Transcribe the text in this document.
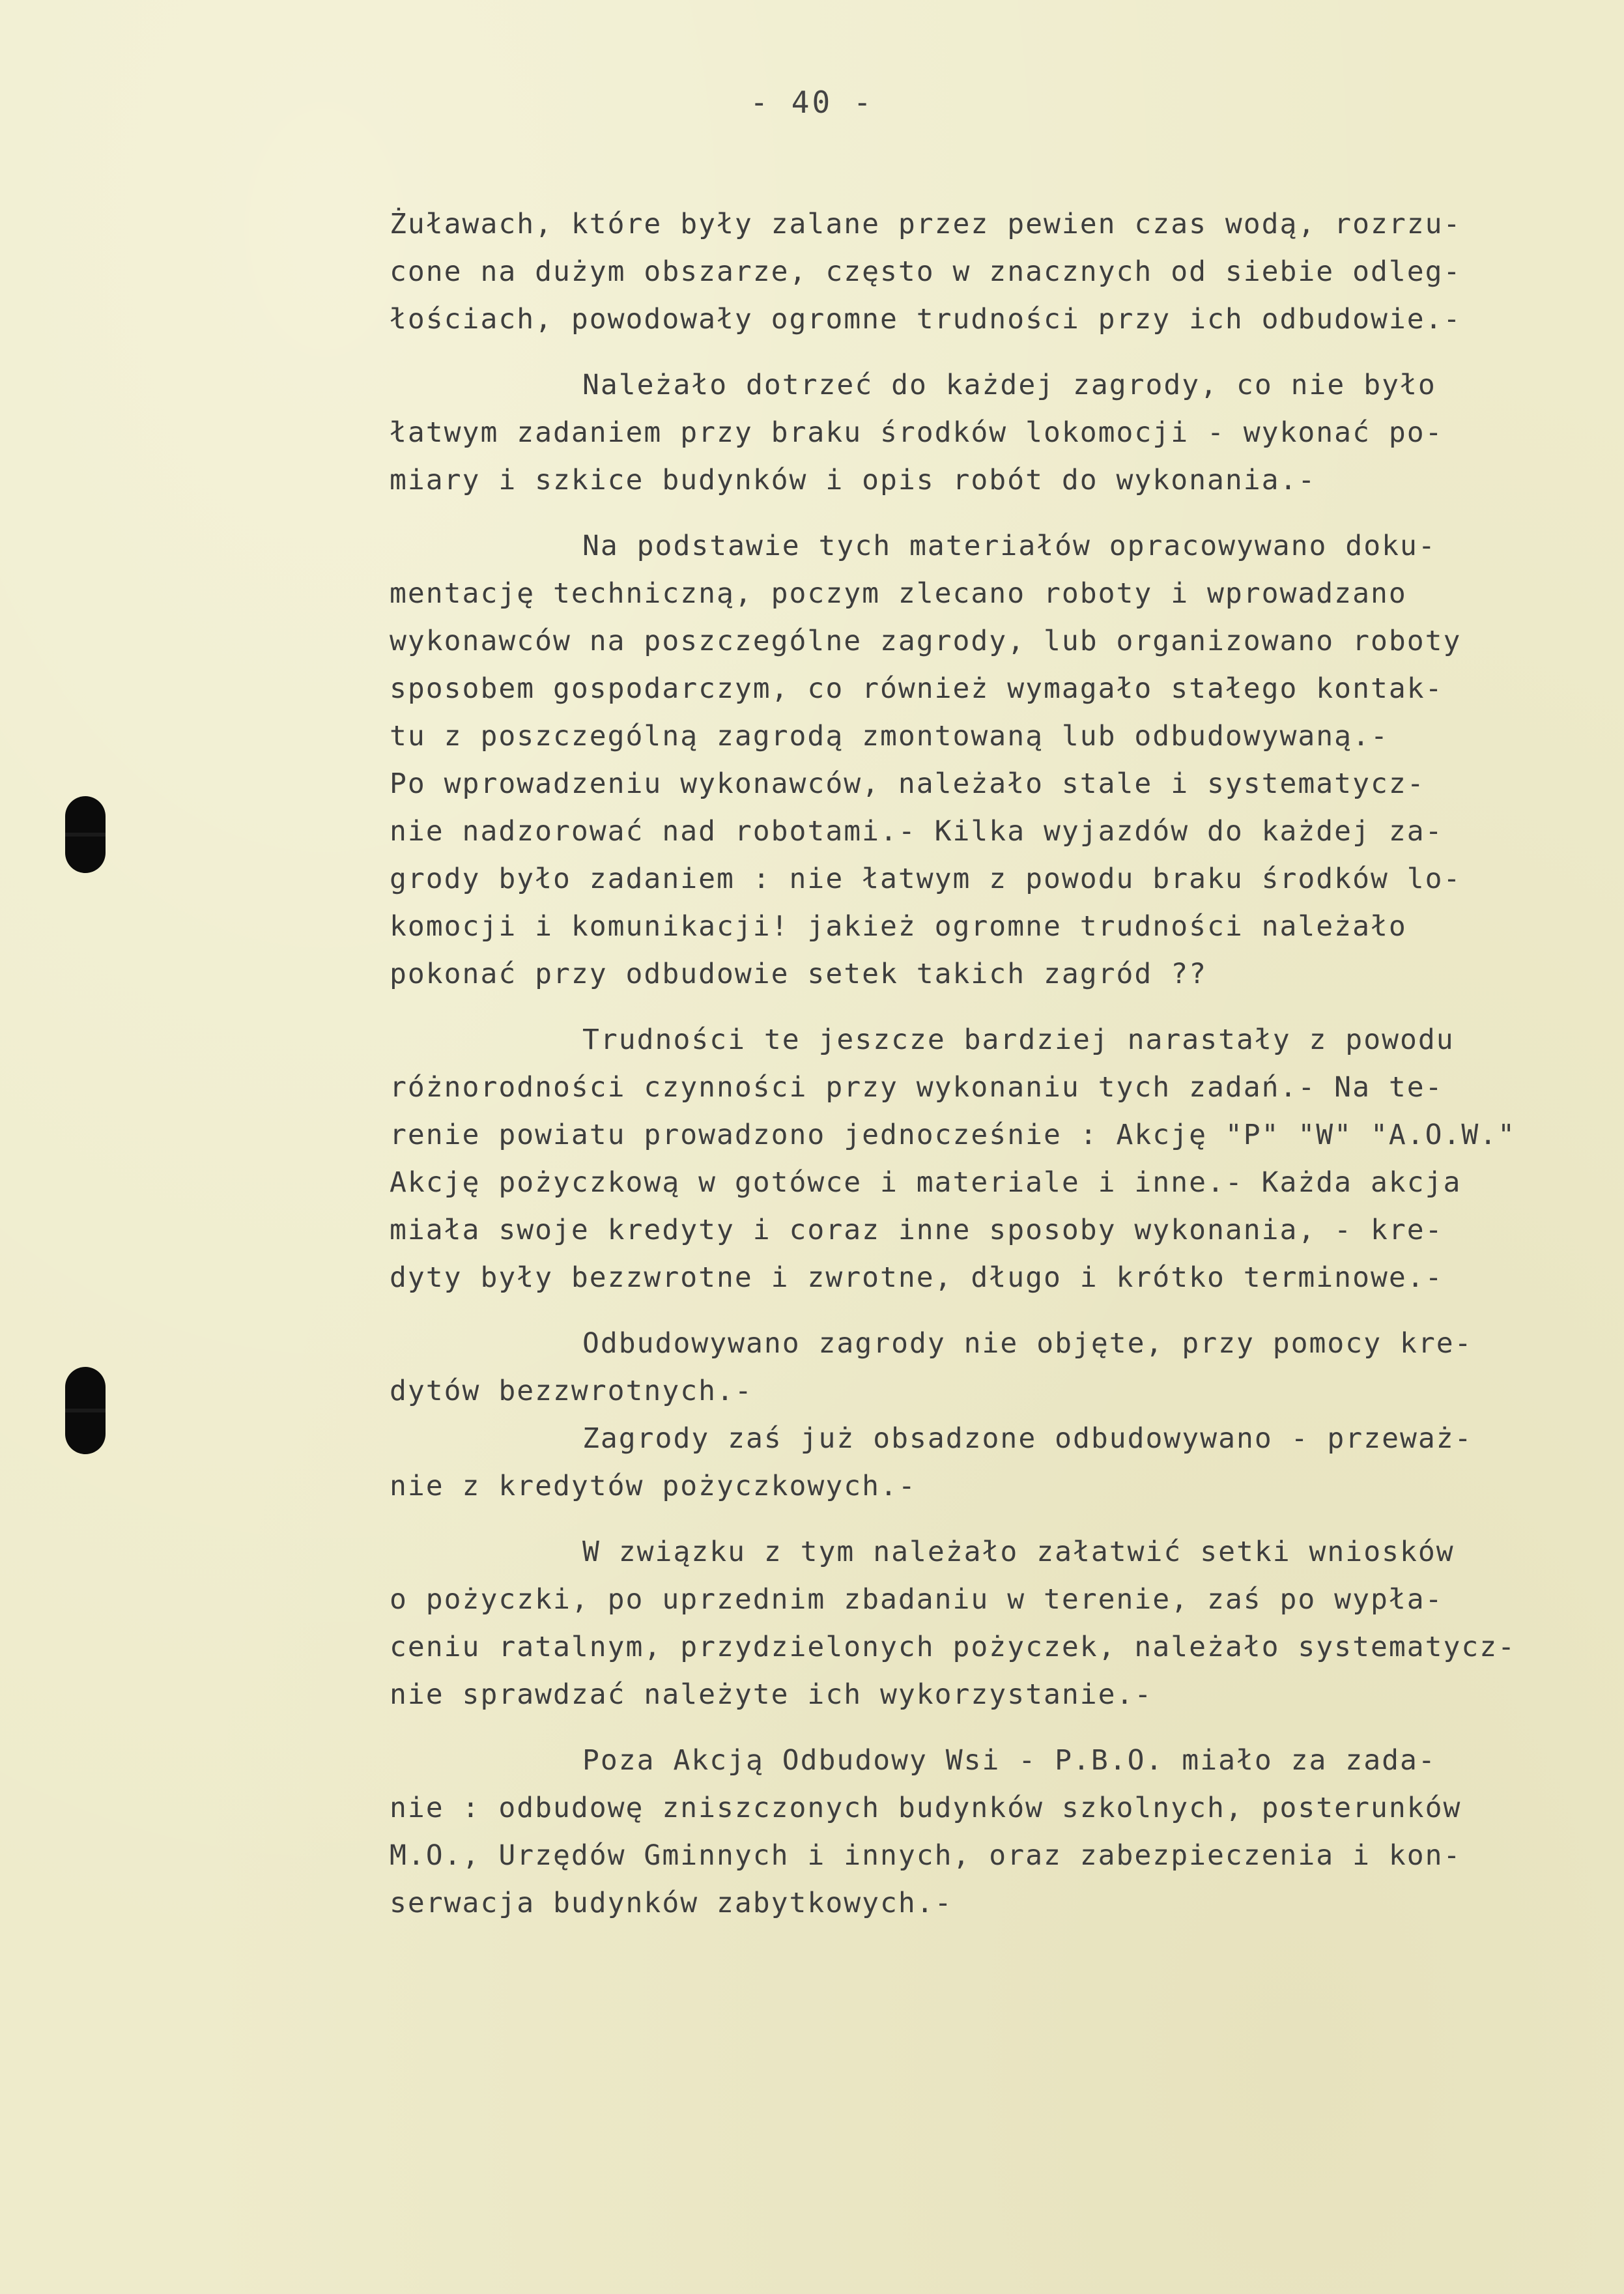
- 40 -
Żuławach, które były zalane przez pewien czas wodą, rozrzu-
cone na dużym obszarze, często w znacznych od siebie odleg-
łościach, powodowały ogromne trudności przy ich odbudowie.-
Należało dotrzeć do każdej zagrody, co nie było
łatwym zadaniem przy braku środków lokomocji - wykonać po-
miary i szkice budynków i opis robót do wykonania.-
Na podstawie tych materiałów opracowywano doku-
mentację techniczną, poczym zlecano roboty i wprowadzano
wykonawców na poszczególne zagrody, lub organizowano roboty
sposobem gospodarczym, co również wymagało stałego kontak-
tu z poszczególną zagrodą zmontowaną lub odbudowywaną.-
Po wprowadzeniu wykonawców, należało stale i systematycz-
nie nadzorować nad robotami.- Kilka wyjazdów do każdej za-
grody było zadaniem : nie łatwym z powodu braku środków lo-
komocji i komunikacji! jakież ogromne trudności należało
pokonać przy odbudowie setek takich zagród ??
Trudności te jeszcze bardziej narastały z powodu
różnorodności czynności przy wykonaniu tych zadań.- Na te-
renie powiatu prowadzono jednocześnie : Akcję "P" "W" "A.O.W."
Akcję pożyczkową w gotówce i materiale i inne.- Każda akcja
miała swoje kredyty i coraz inne sposoby wykonania, - kre-
dyty były bezzwrotne i zwrotne, długo i krótko terminowe.-
Odbudowywano zagrody nie objęte, przy pomocy kre-
dytów bezzwrotnych.-
Zagrody zaś już obsadzone odbudowywano - przeważ-
nie z kredytów pożyczkowych.-
W związku z tym należało załatwić setki wniosków
o pożyczki, po uprzednim zbadaniu w terenie, zaś po wypła-
ceniu ratalnym, przydzielonych pożyczek, należało systematycz-
nie sprawdzać należyte ich wykorzystanie.-
Poza Akcją Odbudowy Wsi - P.B.O. miało za zada-
nie : odbudowę zniszczonych budynków szkolnych, posterunków
M.O., Urzędów Gminnych i innych, oraz zabezpieczenia i kon-
serwacja budynków zabytkowych.-
